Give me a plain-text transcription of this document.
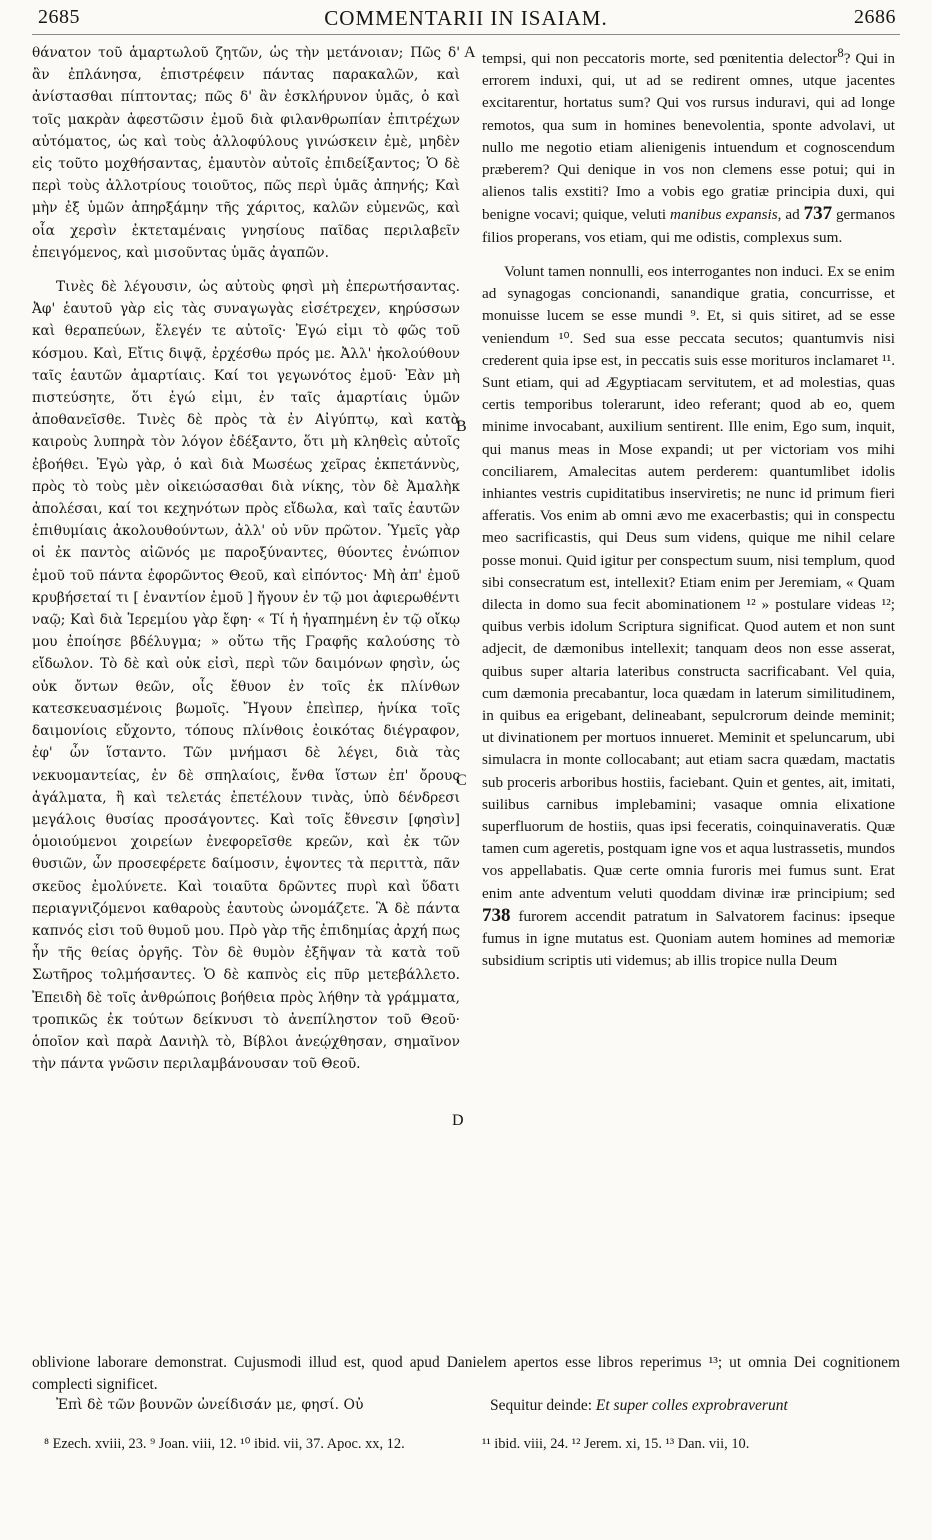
2685	COMMENTARII IN ISAIAM.	2686

θάνατον τοῦ ἁμαρτωλοῦ ζητῶν, ὡς τὴν μετάνοιαν; Πῶς δ' ἂν ἐπλάνησα, ἐπιστρέφειν πάντας παρακαλῶν, καὶ ἀνίστασθαι πίπτοντας; πῶς δ' ἂν ἐσκλήρυνον ὑμᾶς, ὁ καὶ τοῖς μακρὰν ἀφεστῶσιν ἐμοῦ διὰ φιλανθρωπίαν ἐπιτρέχων αὐτόματος, ὡς καὶ τοὺς ἀλλοφύλους γινώσκειν ἐμὲ, μηδὲν εἰς τοῦτο μοχθήσαντας, ἐμαυτὸν αὐτοῖς ἐπιδείξαντος; Ὁ δὲ περὶ τοὺς ἀλλοτρίους τοιοῦτος, πῶς περὶ ὑμᾶς ἀπηνής; Καὶ μὴν ἐξ ὑμῶν ἀπηρξάμην τῆς χάριτος, καλῶν εὐμενῶς, καὶ οἷα χερσὶν ἐκτεταμέναις γνησίους παῖδας περιλαβεῖν ἐπειγόμενος, καὶ μισοῦντας ὑμᾶς ἀγαπῶν.

Τινὲς δὲ λέγουσιν, ὡς αὐτοὺς φησὶ μὴ ἐπερωτήσαντας. Ἀφ' ἑαυτοῦ γὰρ εἰς τὰς συναγωγὰς εἰσέτρεχεν, κηρύσσων καὶ θεραπεύων, ἔλεγέν τε αὐτοῖς· Ἐγώ εἰμι τὸ φῶς τοῦ κόσμου. Καὶ, Εἴτις διψᾷ, ἐρχέσθω πρός με. Ἀλλ' ἠκολούθουν ταῖς ἑαυτῶν ἁμαρτίαις. Καί τοι γεγωνότος ἐμοῦ· Ἐὰν μὴ πιστεύσητε, ὅτι ἐγώ εἰμι, ἐν ταῖς ἁμαρτίαις ὑμῶν ἀποθανεῖσθε. Τινὲς δὲ πρὸς τὰ ἐν Αἰγύπτῳ, καὶ κατὰ καιροὺς λυπηρὰ τὸν λόγον ἐδέξαντο, ὅτι μὴ κληθεὶς αὐτοῖς ἐβοήθει. Ἐγὼ γὰρ, ὁ καὶ διὰ Μωσέως χεῖρας ἐκπετάννὺς, πρὸς τὸ τοὺς μὲν οἰκειώσασθαι διὰ νίκης, τὸν δὲ Ἀμαλὴκ ἀπολέσαι, καί τοι κεχηνότων πρὸς εἴδωλα, καὶ ταῖς ἑαυτῶν ἐπιθυμίαις ἀκολουθούντων, ἀλλ' οὐ νῦν πρῶτον. Ὑμεῖς γὰρ οἱ ἐκ παντὸς αἰῶνός με παροξύναντες, θύοντες ἐνώπιον ἐμοῦ τοῦ πάντα ἐφορῶντος Θεοῦ, καὶ εἰπόντος· Μὴ ἀπ' ἐμοῦ κρυβήσεταί τι [ ἐναντίον ἐμοῦ ] ἤγουν ἐν τῷ μοι ἀφιερωθέντι ναῷ; Καὶ διὰ Ἱερεμίου γὰρ ἔφη· « Τί ἡ ἠγαπημένη ἐν τῷ οἴκῳ μου ἐποίησε βδέλυγμα; » οὕτω τῆς Γραφῆς καλούσης τὸ εἴδωλον. Τὸ δὲ καὶ οὐκ εἰσὶ, περὶ τῶν δαιμόνων φησὶν, ὡς οὐκ ὄντων θεῶν, οἷς ἔθυον ἐν τοῖς ἐκ πλίνθων κατεσκευασμένοις βωμοῖς. Ἤγουν ἐπεὶπερ, ἡνίκα τοῖς δαιμονίοις εὔχοντο, τόπους πλίνθοις ἐοικότας διέγραφον, ἐφ' ὧν ἵσταντο. Τῶν μνήμασι δὲ λέγει, διὰ τὰς νεκυομαντείας, ἐν δὲ σπηλαίοις, ἔνθα ἵστων ἐπ' ὄρους ἀγάλματα, ἢ καὶ τελετάς ἐπετέλουν τινὰς, ὑπὸ δένδρεσι μεγάλοις θυσίας προσάγοντες. Καὶ τοῖς ἔθνεσιν [φησὶν] ὁμοιούμενοι χοιρείων ἐνεφορεῖσθε κρεῶν, καὶ ἐκ τῶν θυσιῶν, ὧν προσεφέρετε δαίμοσιν, ἑψοντες τὰ περιττὰ, πᾶν σκεῦος ἐμολύνετε. Καὶ τοιαῦτα δρῶντες πυρὶ καὶ ὕδατι περιαγνιζόμενοι καθαροὺς ἑαυτοὺς ὠνομάζετε. Ἃ δὲ πάντα καπνός εἰσι τοῦ θυμοῦ μου. Πρὸ γὰρ τῆς ἐπιδημίας ἀρχή πως ἦν τῆς θείας ὀργῆς. Τὸν δὲ θυμὸν ἐξῆψαν τὰ κατὰ τοῦ Σωτῆρος τολμήσαντες. Ὁ δὲ καπνὸς εἰς πῦρ μετεβάλλετο. Ἐπειδὴ δὲ τοῖς ἀνθρώποις βοήθεια πρὸς λήθην τὰ γράμματα, τροπικῶς ἐκ τούτων δείκνυσι τὸ ἀνεπίληστον τοῦ Θεοῦ· ὁποῖον καὶ παρὰ Δανιὴλ τὸ, Βίβλοι ἀνεῴχθησαν, σημαῖνον τὴν πάντα γνῶσιν περιλαμβάνουσαν τοῦ Θεοῦ.

A
B
C
D

tempsi, qui non peccatoris morte, sed pœnitentia delector$^8$? Qui in errorem induxi, qui, ut ad se redirent omnes, utque jacentes excitarentur, hortatus sum? Qui vos rursus induravi, qui ad longe remotos, qua sum in homines benevolentia, sponte advolavi, ut nullo me negotio etiam alienigenis intuendum et cognoscendum præberem? Qui denique in vos non clemens esse potui; qui in alienos talis exstiti? Imo a vobis ego gratiæ principia duxi, qui benigne vocavi; quique, veluti manibus expansis, ad 737 germanos filios properans, vos etiam, qui me odistis, complexus sum.

Volunt tamen nonnulli, eos interrogantes non induci. Ex se enim ad synagogas concionandi, sanandique gratia, concurrisse, et monuisse lucem se esse mundi ⁹. Et, si quis sitiret, ad se esse veniendum ¹⁰. Sed sua esse peccata secutos; quantumvis nisi crederent quia ipse est, in peccatis suis esse morituros inclamaret ¹¹. Sunt etiam, qui ad Ægyptiacam servitutem, et ad molestias, quas certis temporibus tolerarunt, ideo referant; quod ab eo, quem minime invocabant, auxilium sentirent. Ille enim, Ego sum, inquit, qui manus meas in Mose expandi; ut per victoriam vos mihi conciliarem, Amalecitas autem perderem: quantumlibet idolis inhiantes vestris cupiditatibus inserviretis; ne nunc id primum fieri afferatis. Vos enim ab omni ævo me exacerbastis; qui in conspectu meo sacrificastis, qui Deus sum videns, quique me nihil celare posse monui. Quid igitur per conspectum suum, nisi templum, quod sibi consecratum est, intellexit? Etiam enim per Jeremiam, « Quam dilecta in domo sua fecit abominationem ¹² » postulare videas ¹²; quibus verbis idolum Scriptura significat. Quod autem et non sunt adjecit, de dæmonibus intellexit; tanquam deos non esse asserat, quibus super altaria lateribus constructa sacrificabant. Vel quia, cum dæmonia precabantur, loca quædam in laterum similitudinem, in quibus ea erigebant, delineabant, sepulcrorum deinde meminit; ut divinationem per mortuos innueret. Meminit et speluncarum, ubi simulacra in monte collocabant; aut etiam sacra quædam, mactatis sub proceris arboribus hostiis, faciebant. Quin et gentes, ait, imitati, suilibus carnibus implebamini; vasaque omnia elixatione superfluorum de hostiis, quas ipsi feceratis, coinquinaveratis. Quæ tamen cum ageretis, postquam igne vos et aqua lustrassetis, mundos vos appellabatis. Quæ certe omnia furoris mei fumus sunt. Erat enim ante adventum veluti quoddam divinæ iræ principium; sed 738 furorem accendit patratum in Salvatorem facinus: ipseque fumus in igne mutatus est. Quoniam autem homines ad memoriæ subsidium scriptis uti videmus; ab illis tropice nulla Deum

oblivione laborare demonstrat. Cujusmodi illud est, quod apud Danielem apertos esse libros reperimus ¹³; ut omnia Dei cognitionem complecti significet.
Ἐπὶ δὲ τῶν βουνῶν ὠνείδισάν με, φησί. Οὐ	Sequitur deinde: Et super colles exprobraverunt
⁸ Ezech. xviii, 23. ⁹ Joan. viii, 12. ¹⁰ ibid. vii, 37. Apoc. xx, 12.	¹¹ ibid. viii, 24. ¹² Jerem. xi, 15. ¹³ Dan. vii, 10.
